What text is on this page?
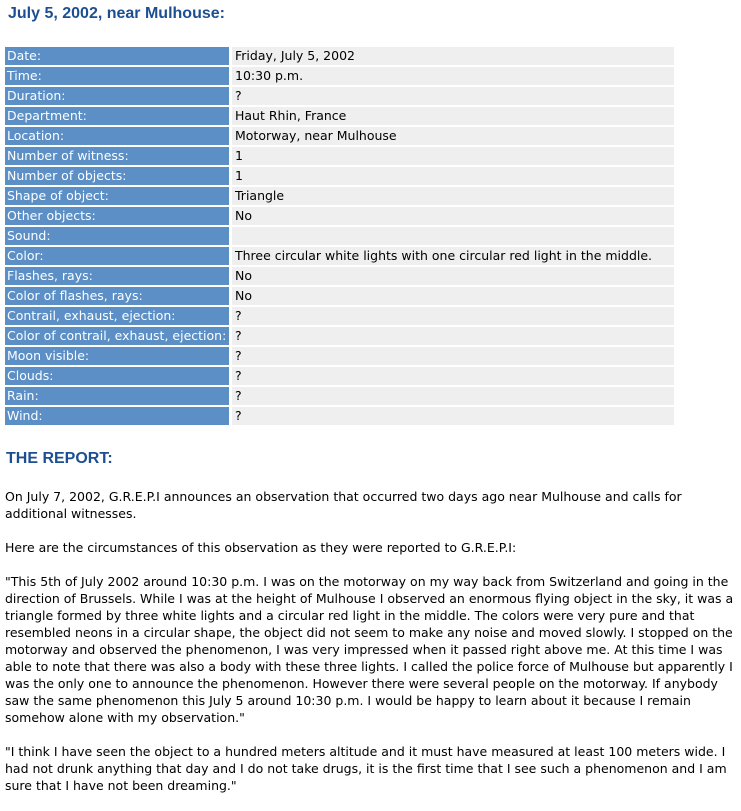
July 5, 2002, near Mulhouse:
Date:	Friday, July 5, 2002
Time:	10:30 p.m.
Duration:	?
Department:	Haut Rhin, France
Location:	Motorway, near Mulhouse
Number of witness:	1
Number of objects:	1
Shape of object:	Triangle
Other objects:	No
Sound:	
Color:	Three circular white lights with one circular red light in the middle.
Flashes, rays:	No
Color of flashes, rays:	No
Contrail, exhaust, ejection:	?
Color of contrail, exhaust, ejection:	?
Moon visible:	?
Clouds:	?
Rain:	?
Wind:	?
THE REPORT:

On July 7, 2002, G.R.E.P.I announces an observation that occurred two days ago near Mulhouse and calls for additional witnesses.

Here are the circumstances of this observation as they were reported to G.R.E.P.I:

"This 5th of July 2002 around 10:30 p.m. I was on the motorway on my way back from Switzerland and going in the direction of Brussels. While I was at the height of Mulhouse I observed an enormous flying object in the sky, it was a triangle formed by three white lights and a circular red light in the middle. The colors were very pure and that resembled neons in a circular shape, the object did not seem to make any noise and moved slowly. I stopped on the motorway and observed the phenomenon, I was very impressed when it passed right above me. At this time I was able to note that there was also a body with these three lights. I called the police force of Mulhouse but apparently I was the only one to announce the phenomenon. However there were several people on the motorway. If anybody saw the same phenomenon this July 5 around 10:30 p.m. I would be happy to learn about it because I remain somehow alone with my observation."

"I think I have seen the object to a hundred meters altitude and it must have measured at least 100 meters wide. I had not drunk anything that day and I do not take drugs, it is the first time that I see such a phenomenon and I am sure that I have not been dreaming."
